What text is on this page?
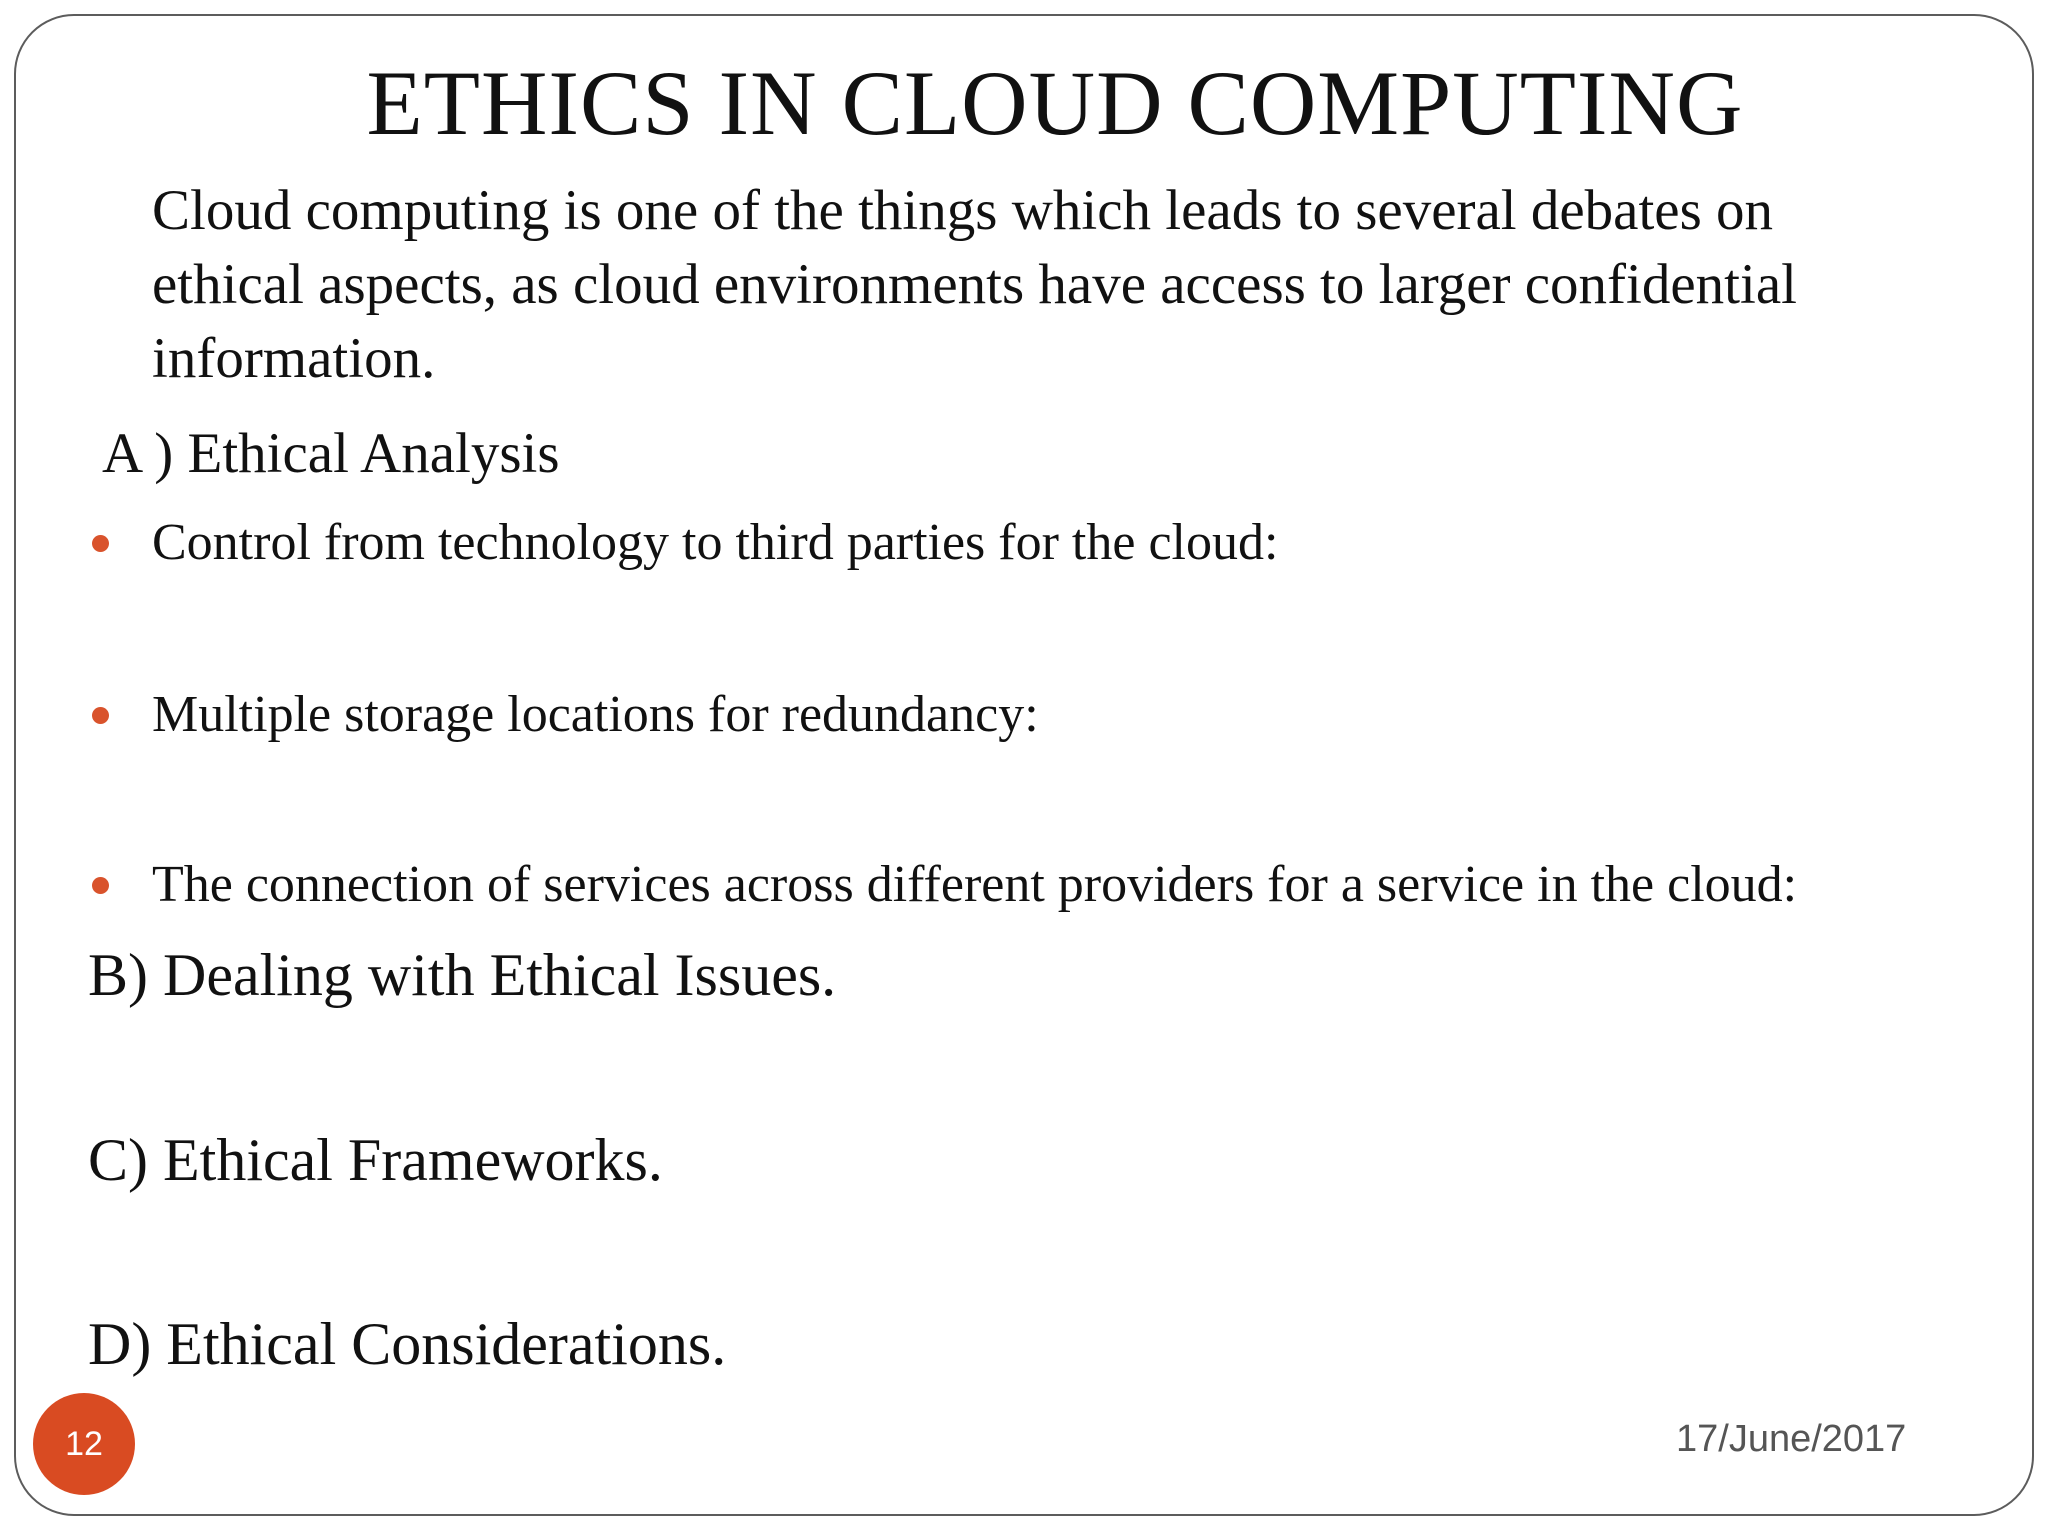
ETHICS IN CLOUD COMPUTING
Cloud computing is one of the things which leads to several debates on
ethical aspects, as cloud environments have access to larger confidential
information.
A ) Ethical Analysis
Control from technology to third parties for the cloud:
Multiple storage locations for redundancy:
The connection of services across different providers for a service in the cloud:
B) Dealing with Ethical Issues.
C) Ethical Frameworks.
D) Ethical Considerations.
12	17/June/2017
